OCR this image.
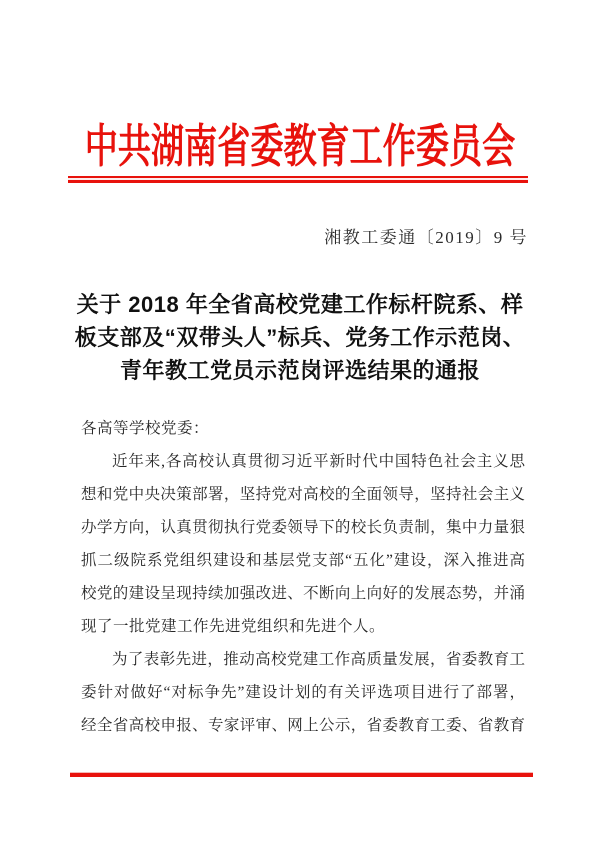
中共湖南省委教育工作委员会
湘教工委通〔2019〕9 号
关于 2018 年全省高校党建工作标杆院系、样
板支部及“双带头人”标兵、党务工作示范岗、
青年教工党员示范岗评选结果的通报
各高等学校党委：
近年来,各高校认真贯彻习近平新时代中国特色社会主义思
想和党中央决策部署，坚持党对高校的全面领导，坚持社会主义
办学方向，认真贯彻执行党委领导下的校长负责制，集中力量狠
抓二级院系党组织建设和基层党支部“五化”建设，深入推进高
校党的建设呈现持续加强改进、不断向上向好的发展态势，并涌
现了一批党建工作先进党组织和先进个人。
为了表彰先进，推动高校党建工作高质量发展，省委教育工
委针对做好“对标争先”建设计划的有关评选项目进行了部署，
经全省高校申报、专家评审、网上公示，省委教育工委、省教育
